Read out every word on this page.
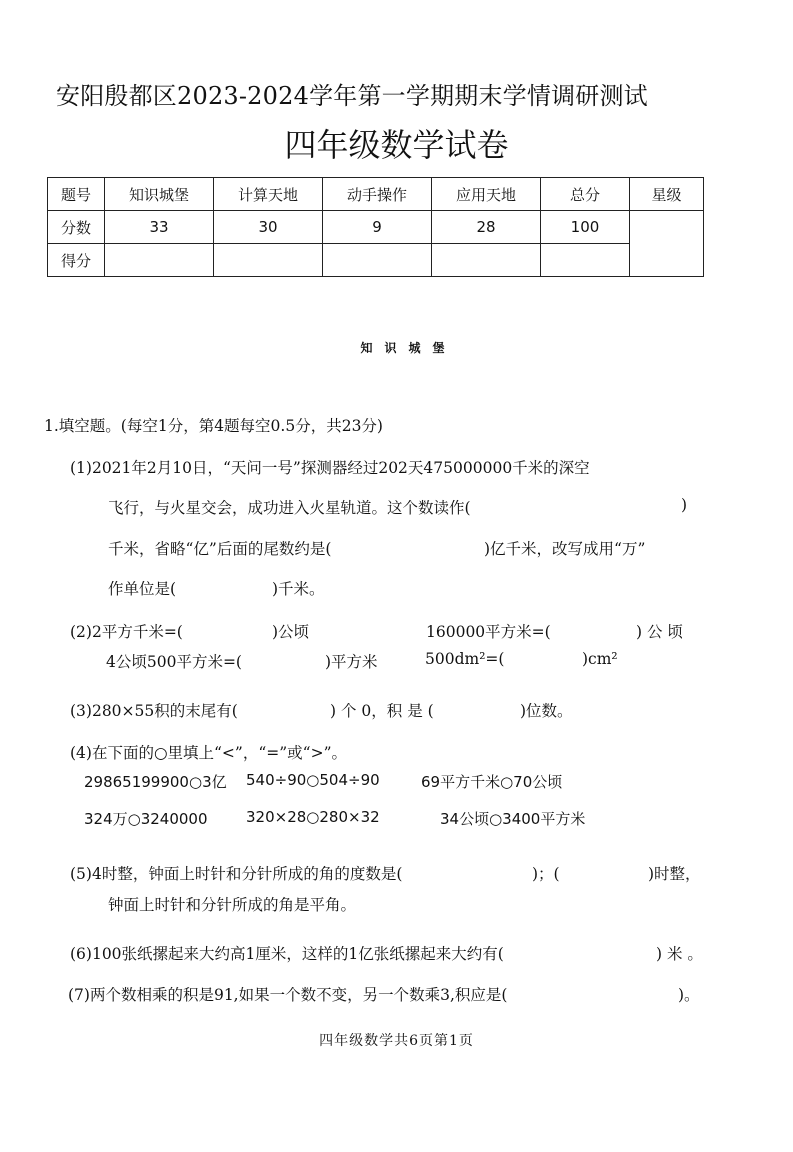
安阳殷都区2023-2024学年第一学期期末学情调研测试
四年级数学试卷
题号	知识城堡	计算天地	动手操作	应用天地	总分	星级
分数	33	30	9	28	100	
得分						
知识城堡
1.填空题。(每空1分，第4题每空0.5分，共23分)
(1)2021年2月10日，“天问一号”探测器经过202天475000000千米的深空
飞行，与火星交会，成功进入火星轨道。这个数读作(	)
千米，省略“亿”后面的尾数约是(	)亿千米，改写成用“万”
作单位是(	)千米。
(2)2平方千米=(	)公顷	160000平方米=(	) 公 顷
4公顷500平方米=(	)平方米	500dm²=(	)cm²
(3)280×55积的末尾有(	) 个 0，积 是 (	)位数。
(4)在下面的○里填上“<”，“=”或“>”。
29865199900○3亿 540÷90○504÷90	69平方千米○70公顷
324万○3240000	320×28○280×32	34公顷○3400平方米
(5)4时整，钟面上时针和分针所成的角的度数是(	)；(	)时整，
钟面上时针和分针所成的角是平角。
(6)100张纸摞起来大约高1厘米，这样的1亿张纸摞起来大约有(	) 米 。
(7)两个数相乘的积是91,如果一个数不变，另一个数乘3,积应是(	)。
四年级数学共6页第1页
